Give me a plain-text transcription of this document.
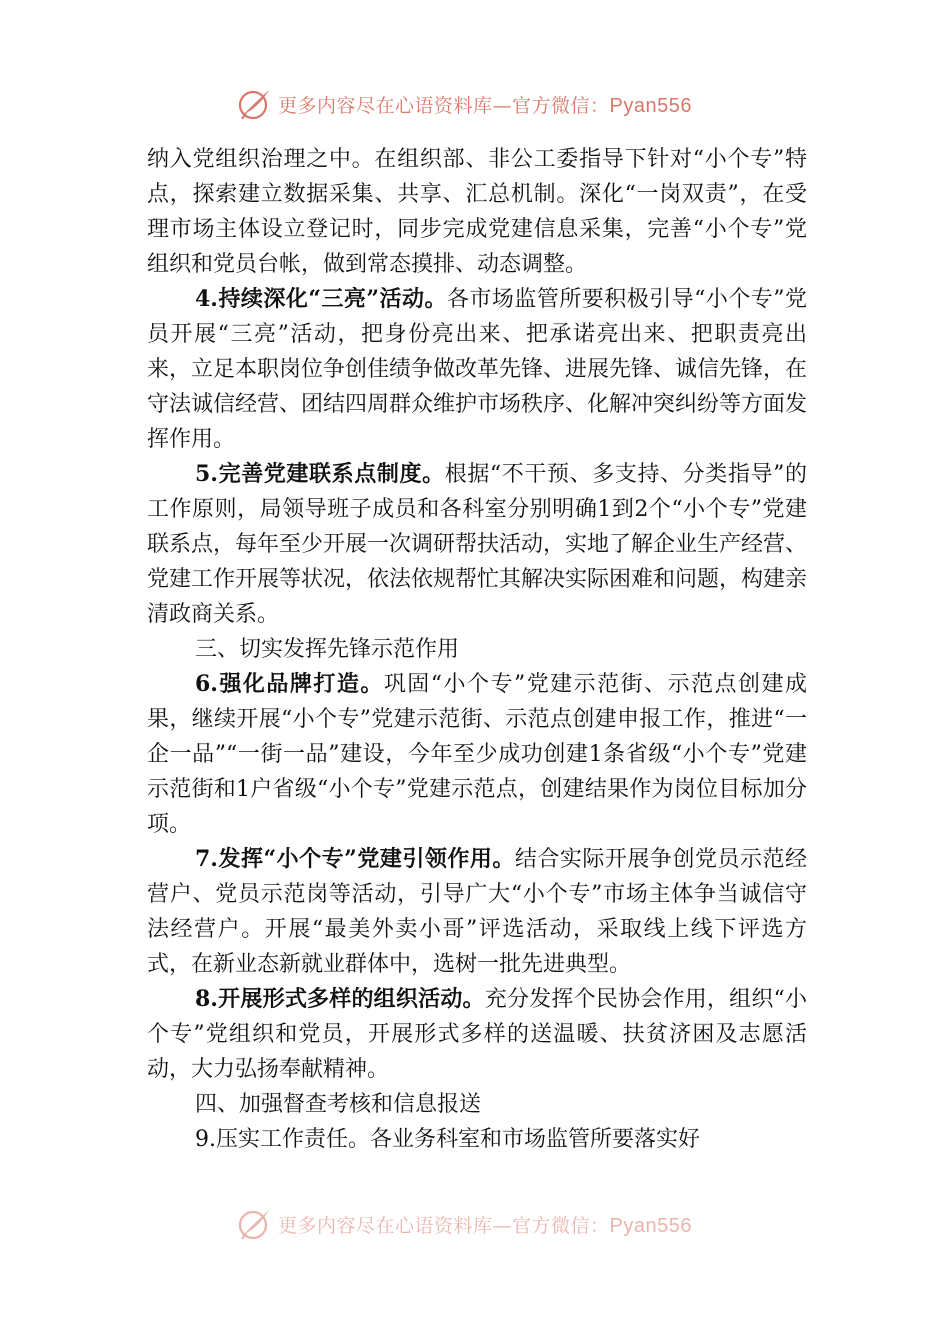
更多内容尽在心语资料库—官方微信：Pyan556

纳入党组织治理之中。在组织部、非公工委指导下针对“小个专”特点，探索建立数据采集、共享、汇总机制。深化“一岗双责”，在受理市场主体设立登记时，同步完成党建信息采集，完善“小个专”党组织和党员台帐，做到常态摸排、动态调整。

4.持续深化“三亮”活动。各市场监管所要积极引导“小个专”党员开展“三亮”活动，把身份亮出来、把承诺亮出来、把职责亮出来，立足本职岗位争创佳绩争做改革先锋、进展先锋、诚信先锋，在守法诚信经营、团结四周群众维护市场秩序、化解冲突纠纷等方面发挥作用。

5.完善党建联系点制度。根据“不干预、多支持、分类指导”的工作原则，局领导班子成员和各科室分别明确1到2个“小个专”党建联系点，每年至少开展一次调研帮扶活动，实地了解企业生产经营、党建工作开展等状况，依法依规帮忙其解决实际困难和问题，构建亲清政商关系。

三、切实发挥先锋示范作用

6.强化品牌打造。巩固“小个专”党建示范街、示范点创建成果，继续开展“小个专”党建示范街、示范点创建申报工作，推进“一企一品”“一街一品”建设，今年至少成功创建1条省级“小个专”党建示范街和1户省级“小个专”党建示范点，创建结果作为岗位目标加分项。

7.发挥“小个专”党建引领作用。结合实际开展争创党员示范经营户、党员示范岗等活动，引导广大“小个专”市场主体争当诚信守法经营户。开展“最美外卖小哥”评选活动，采取线上线下评选方式，在新业态新就业群体中，选树一批先进典型。

8.开展形式多样的组织活动。充分发挥个民协会作用，组织“小个专”党组织和党员，开展形式多样的送温暖、扶贫济困及志愿活动，大力弘扬奉献精神。

四、加强督查考核和信息报送

9.压实工作责任。各业务科室和市场监管所要落实好

更多内容尽在心语资料库—官方微信：Pyan556
